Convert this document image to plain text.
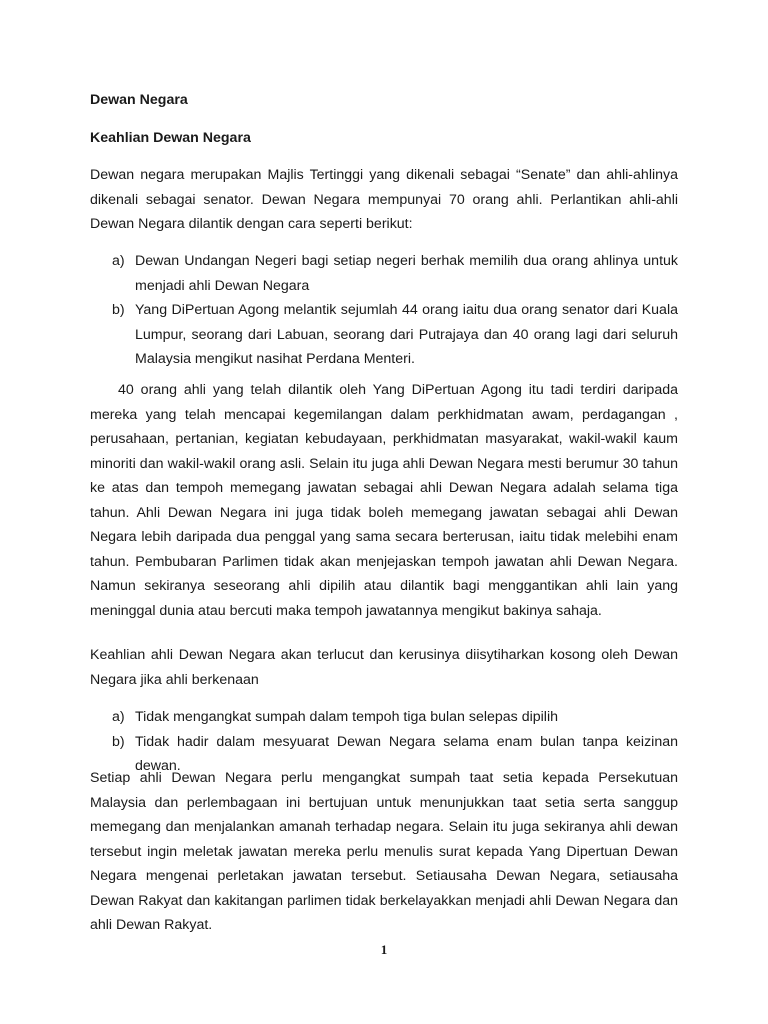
Dewan Negara
Keahlian Dewan Negara
Dewan negara merupakan Majlis Tertinggi yang dikenali sebagai “Senate” dan ahli-ahlinya dikenali sebagai senator. Dewan Negara mempunyai 70 orang ahli. Perlantikan ahli-ahli Dewan Negara dilantik dengan cara seperti berikut:
a) Dewan Undangan Negeri bagi setiap negeri berhak memilih dua orang ahlinya untuk menjadi ahli Dewan Negara
b) Yang DiPertuan Agong melantik sejumlah 44 orang iaitu dua orang senator dari Kuala Lumpur, seorang dari Labuan, seorang dari Putrajaya dan 40 orang lagi dari seluruh Malaysia mengikut nasihat Perdana Menteri.
40 orang ahli yang telah dilantik oleh Yang DiPertuan Agong itu tadi terdiri daripada mereka yang telah mencapai kegemilangan dalam perkhidmatan awam, perdagangan , perusahaan, pertanian, kegiatan kebudayaan, perkhidmatan masyarakat, wakil-wakil kaum minoriti dan wakil-wakil orang asli. Selain itu juga ahli Dewan Negara mesti berumur 30 tahun ke atas dan tempoh memegang jawatan sebagai ahli Dewan Negara adalah selama tiga tahun. Ahli Dewan Negara ini juga tidak boleh memegang jawatan sebagai ahli Dewan Negara lebih daripada dua penggal yang sama secara berterusan, iaitu tidak melebihi enam tahun. Pembubaran Parlimen tidak akan menjejaskan tempoh jawatan ahli Dewan Negara. Namun sekiranya seseorang ahli dipilih atau dilantik bagi menggantikan ahli lain yang meninggal dunia atau bercuti maka tempoh jawatannya mengikut bakinya sahaja.
Keahlian ahli Dewan Negara akan terlucut dan kerusinya diisytiharkan kosong oleh Dewan Negara jika ahli berkenaan
a) Tidak mengangkat sumpah dalam tempoh tiga bulan selepas dipilih
b) Tidak hadir dalam mesyuarat Dewan Negara selama enam bulan tanpa keizinan dewan.
Setiap ahli Dewan Negara perlu mengangkat sumpah taat setia kepada Persekutuan Malaysia dan perlembagaan ini bertujuan untuk menunjukkan taat setia serta sanggup memegang dan menjalankan amanah terhadap negara. Selain itu juga sekiranya ahli dewan tersebut ingin meletak jawatan mereka perlu menulis surat kepada Yang Dipertuan Dewan Negara mengenai perletakan jawatan tersebut. Setiausaha Dewan Negara, setiausaha Dewan Rakyat dan kakitangan parlimen tidak berkelayakkan menjadi ahli Dewan Negara dan ahli Dewan Rakyat.
1
